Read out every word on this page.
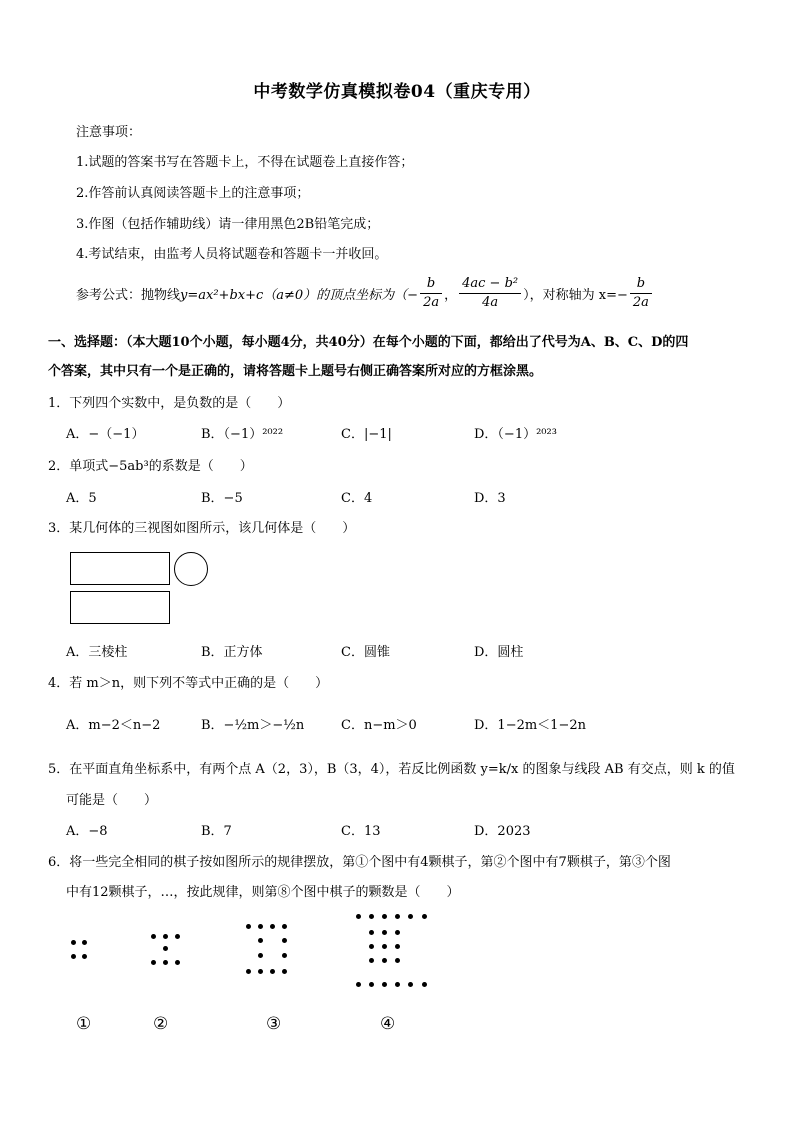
中考数学仿真模拟卷04（重庆专用）
注意事项：
1.试题的答案书写在答题卡上，不得在试题卷上直接作答；
2.作答前认真阅读答题卡上的注意事项；
3.作图（包括作辅助线）请一律用黑色2B铅笔完成；
4.考试结束，由监考人员将试题卷和答题卡一并收回。
参考公式：抛物线 y=ax²+bx+c（a≠0）的顶点坐标为（− $\frac{b}{2a}$ ， $\frac{\text{4ac − b²}}{4a}$ ），对称轴为 $x=- \frac{b}{2a}$
一、选择题：（本大题10个小题，每小题4分，共40分）在每个小题的下面，都给出了代号为A、B、C、D的四
个答案，其中只有一个是正确的，请将答题卡上题号右侧正确答案所对应的方框涂黑。
1．下列四个实数中，是负数的是（　　）
A．−（−1）	B．（−1）²⁰²²	C．|−1|	D．（−1）²⁰²³
2．单项式−5ab³的系数是（　　）
A．5	B．−5	C．4	D．3
3．某几何体的三视图如图所示，该几何体是（　　）
A．三棱柱	B．正方体	C．圆锥	D．圆柱
4．若 m＞n，则下列不等式中正确的是（　　）
A．m−2＜n−2	B．−½m＞−½n	C．n−m＞0	D．1−2m＜1−2n
5．在平面直角坐标系中，有两个点 A（2，3），B（3，4），若反比例函数 y=k/x 的图象与线段 AB 有交点，则 k 的值
可能是（　　）
A．−8	B．7	C．13	D．2023
6．将一些完全相同的棋子按如图所示的规律摆放，第①个图中有4颗棋子，第②个图中有7颗棋子，第③个图
中有12颗棋子，…，按此规律，则第⑧个图中棋子的颗数是（　　）
①	②	③	④
